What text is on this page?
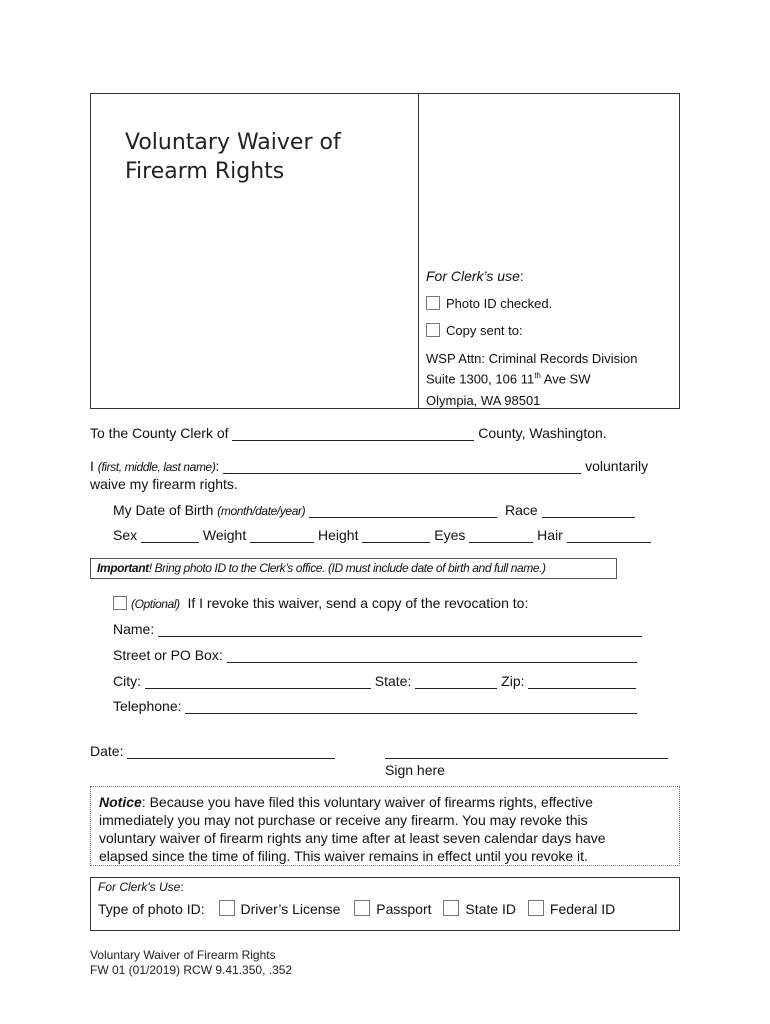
Voluntary Waiver of
Firearm Rights
For Clerk’s use:
Photo ID checked.
Copy sent to:
WSP Attn: Criminal Records Division
Suite 1300, 106 11th Ave SW
Olympia, WA 98501
To the County Clerk of	County, Washington.
I (first, middle, last name):	voluntarily
waive my firearm rights.
My Date of Birth (month/date/year)	Race
Sex	Weight	Height	Eyes	Hair
Important! Bring photo ID to the Clerk’s office. (ID must include date of birth and full name.)
(Optional) If I revoke this waiver, send a copy of the revocation to:
Name:
Street or PO Box:
City:	State:	Zip:
Telephone:
Date:
Sign here
Notice: Because you have filed this voluntary waiver of firearms rights, effective
immediately you may not purchase or receive any firearm. You may revoke this
voluntary waiver of firearm rights any time after at least seven calendar days have
elapsed since the time of filing. This waiver remains in effect until you revoke it.
For Clerk's Use:
Type of photo ID:	Driver’s License	Passport State ID Federal ID
Voluntary Waiver of Firearm Rights
FW 01 (01/2019) RCW 9.41.350, .352
